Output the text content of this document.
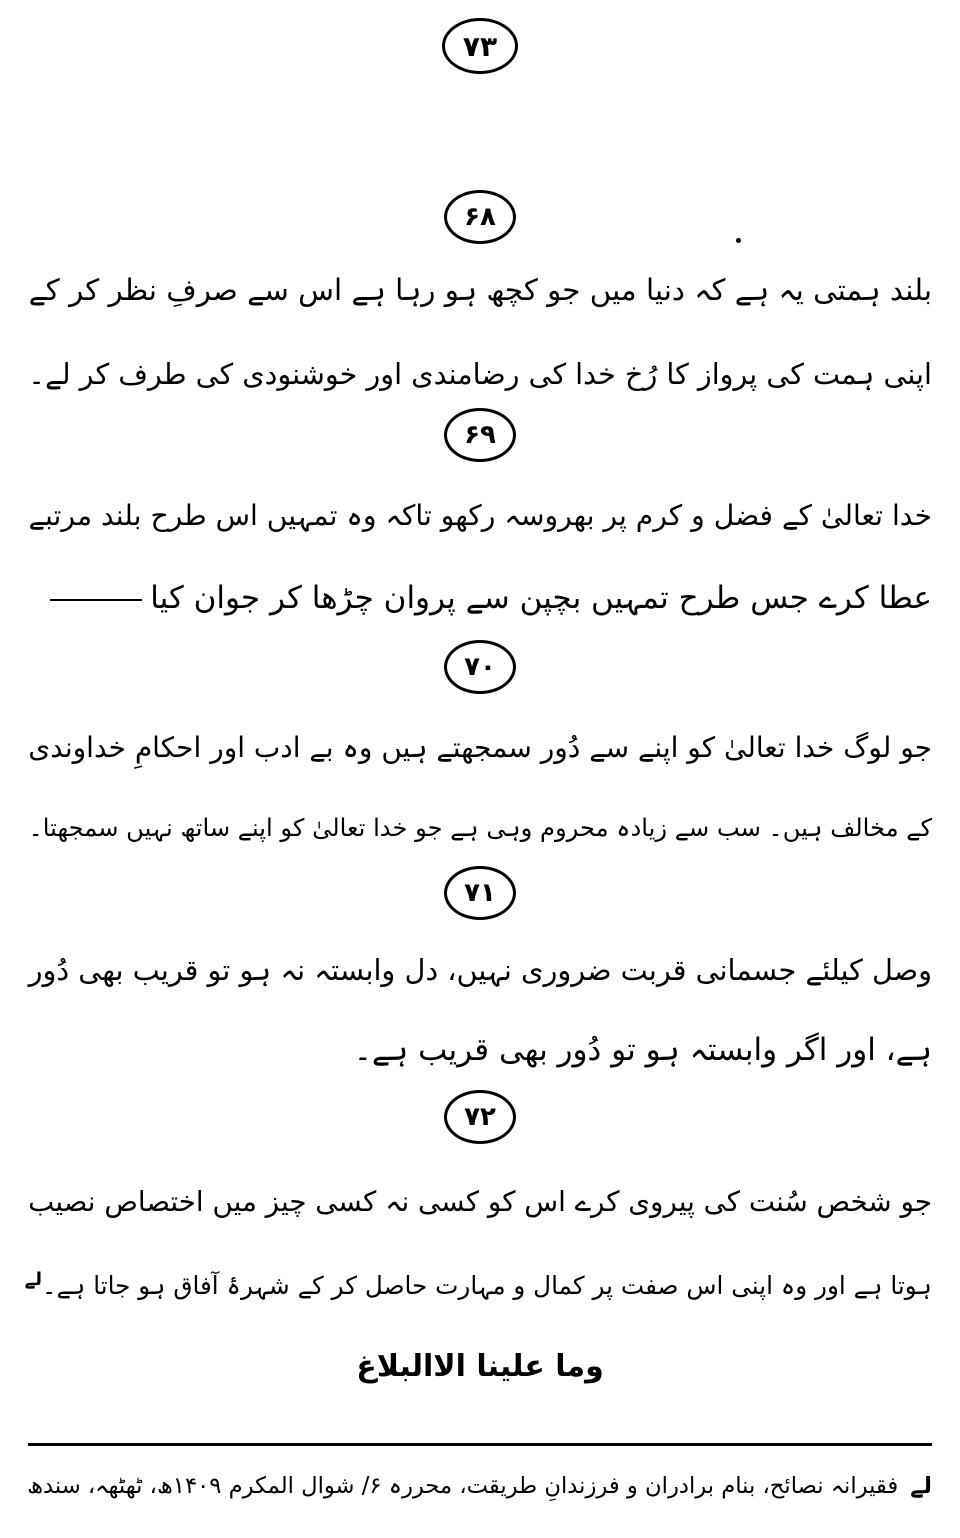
۷۳
۶۸
بلند ہمتی یہ ہے کہ دنیا میں جو کچھ ہو رہا ہے اس سے صرفِ نظر کر کے
اپنی ہمت کی پرواز کا رُخ خدا کی رضامندی اور خوشنودی کی طرف کر لے۔
۶۹
خدا تعالیٰ کے فضل و کرم پر بھروسہ رکھو تاکہ وہ تمہیں اس طرح بلند مرتبے
عطا کرے جس طرح تمہیں بچپن سے پروان چڑھا کر جوان کیا
۷۰
جو لوگ خدا تعالیٰ کو اپنے سے دُور سمجھتے ہیں وہ بے ادب اور احکامِ خداوندی
کے مخالف ہیں۔ سب سے زیادہ محروم وہی ہے جو خدا تعالیٰ کو اپنے ساتھ نہیں سمجھتا۔
۷۱
وصل کیلئے جسمانی قربت ضروری نہیں، دل وابستہ نہ ہو تو قریب بھی دُور
ہے، اور اگر وابستہ ہو تو دُور بھی قریب ہے۔
۷۲
جو شخص سُنت کی پیروی کرے اس کو کسی نہ کسی چیز میں اختصاص نصیب
ہوتا ہے اور وہ اپنی اس صفت پر کمال و مہارت حاصل کر کے شہرۂ آفاق ہو جاتا ہے۔$^{لے}$
وما علینا الاالبلاغ
لےفقیرانہ نصائح، بنام برادران و فرزندانِ طریقت، محررہ ۶/ شوال المکرم ۱۴۰۹ھ، ٹھٹھہ، سندھ
